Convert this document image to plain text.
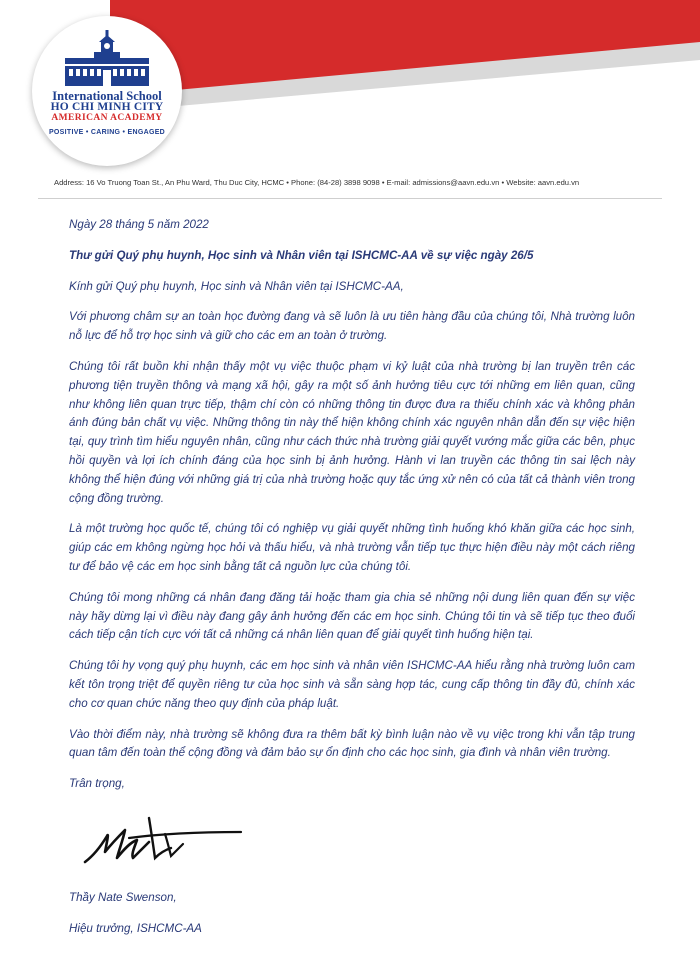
International School
HO CHI MINH CITY
AMERICAN ACADEMY
POSITIVE • CARING • ENGAGED
Address: 16 Vo Truong Toan St., An Phu Ward, Thu Duc City, HCMC • Phone: (84-28) 3898 9098 • E-mail: admissions@aavn.edu.vn • Website: aavn.edu.vn

Ngày 28 tháng 5 năm 2022

Thư gửi Quý phụ huynh, Học sinh và Nhân viên tại ISHCMC-AA về sự việc ngày 26/5

Kính gửi Quý phụ huynh, Học sinh và Nhân viên tại ISHCMC-AA,

Với phương châm sự an toàn học đường đang và sẽ luôn là ưu tiên hàng đầu của chúng tôi, Nhà trường luôn nỗ lực để hỗ trợ học sinh và giữ cho các em an toàn ở trường.

Chúng tôi rất buồn khi nhận thấy một vụ việc thuộc phạm vi kỷ luật của nhà trường bị lan truyền trên các phương tiện truyền thông và mạng xã hội, gây ra một số ảnh hưởng tiêu cực tới những em liên quan, cũng như không liên quan trực tiếp, thậm chí còn có những thông tin được đưa ra thiếu chính xác và không phản ánh đúng bản chất vụ việc. Những thông tin này thể hiện không chính xác nguyên nhân dẫn đến sự việc hiện tại, quy trình tìm hiểu nguyên nhân, cũng như cách thức nhà trường giải quyết vướng mắc giữa các bên, phục hồi quyền và lợi ích chính đáng của học sinh bị ảnh hưởng. Hành vi lan truyền các thông tin sai lệch này không thể hiện đúng với những giá trị của nhà trường hoặc quy tắc ứng xử nên có của tất cả thành viên trong cộng đồng trường.

Là một trường học quốc tế, chúng tôi có nghiệp vụ giải quyết những tình huống khó khăn giữa các học sinh, giúp các em không ngừng học hỏi và thấu hiểu, và nhà trường vẫn tiếp tục thực hiện điều này một cách riêng tư để bảo vệ các em học sinh bằng tất cả nguồn lực của chúng tôi.

Chúng tôi mong những cá nhân đang đăng tải hoặc tham gia chia sẻ những nội dung liên quan đến sự việc này hãy dừng lại vì điều này đang gây ảnh hưởng đến các em học sinh. Chúng tôi tin và sẽ tiếp tục theo đuổi cách tiếp cận tích cực với tất cả những cá nhân liên quan để giải quyết tình huống hiện tại.

Chúng tôi hy vọng quý phụ huynh, các em học sinh và nhân viên ISHCMC-AA hiểu rằng nhà trường luôn cam kết tôn trọng triệt để quyền riêng tư của học sinh và sẵn sàng hợp tác, cung cấp thông tin đầy đủ, chính xác cho cơ quan chức năng theo quy định của pháp luật.

Vào thời điểm này, nhà trường sẽ không đưa ra thêm bất kỳ bình luận nào về vụ việc trong khi vẫn tập trung quan tâm đến toàn thể cộng đồng và đảm bảo sự ổn định cho các học sinh, gia đình và nhân viên trường.

Trân trọng,

Thầy Nate Swenson,

Hiệu trưởng, ISHCMC-AA
